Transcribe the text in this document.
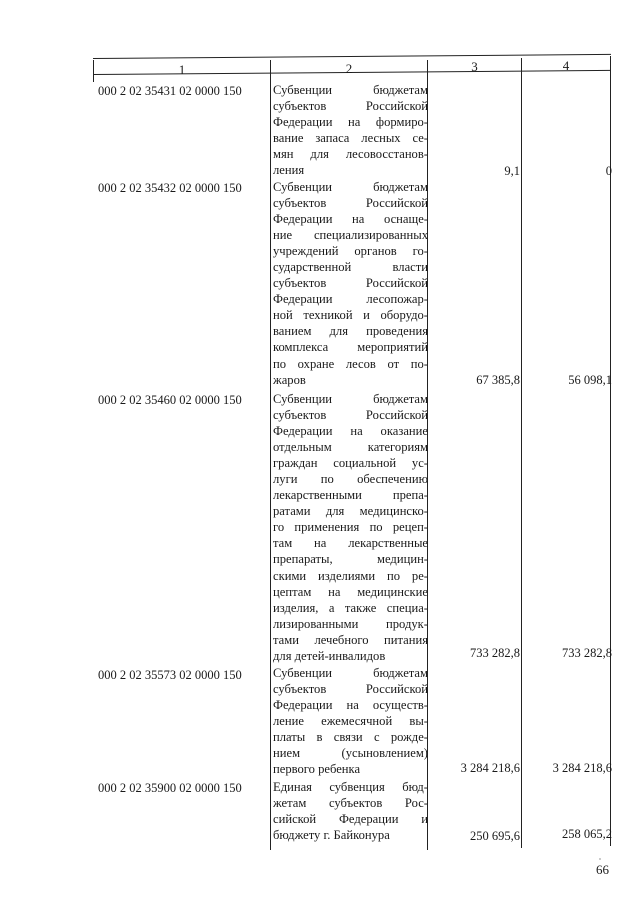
1	2	3	4
000 2 02 35431 02 0000 150	Субвенции бюджетам
субъектов Российской
Федерации на формиро-
вание запаса лесных се-
мян для лесовосстанов-
ления	9,1	0
000 2 02 35432 02 0000 150	Субвенции бюджетам
субъектов Российской
Федерации на оснаще-
ние специализированных
учреждений органов го-
сударственной власти
субъектов Российской
Федерации лесопожар-
ной техникой и оборудо-
ванием для проведения
комплекса мероприятий
по охране лесов от по-
жаров	67 385,8	56 098,1
000 2 02 35460 02 0000 150	Субвенции бюджетам
субъектов Российской
Федерации на оказание
отдельным категориям
граждан социальной ус-
луги по обеспечению
лекарственными препа-
ратами для медицинско-
го применения по рецеп-
там на лекарственные
препараты, медицин-
скими изделиями по ре-
цептам на медицинские
изделия, а также специа-
лизированными продук-
тами лечебного питания
для детей-инвалидов	733 282,8	733 282,8
000 2 02 35573 02 0000 150	Субвенции бюджетам
субъектов Российской
Федерации на осуществ-
ление ежемесячной вы-
платы в связи с рожде-
нием (усыновлением)
первого ребенка	3 284 218,6	3 284 218,6
000 2 02 35900 02 0000 150	Единая субвенция бюд-
жетам субъектов Рос-
сийской Федерации и
бюджету г. Байконура	250 695,6	258 065,2
66
